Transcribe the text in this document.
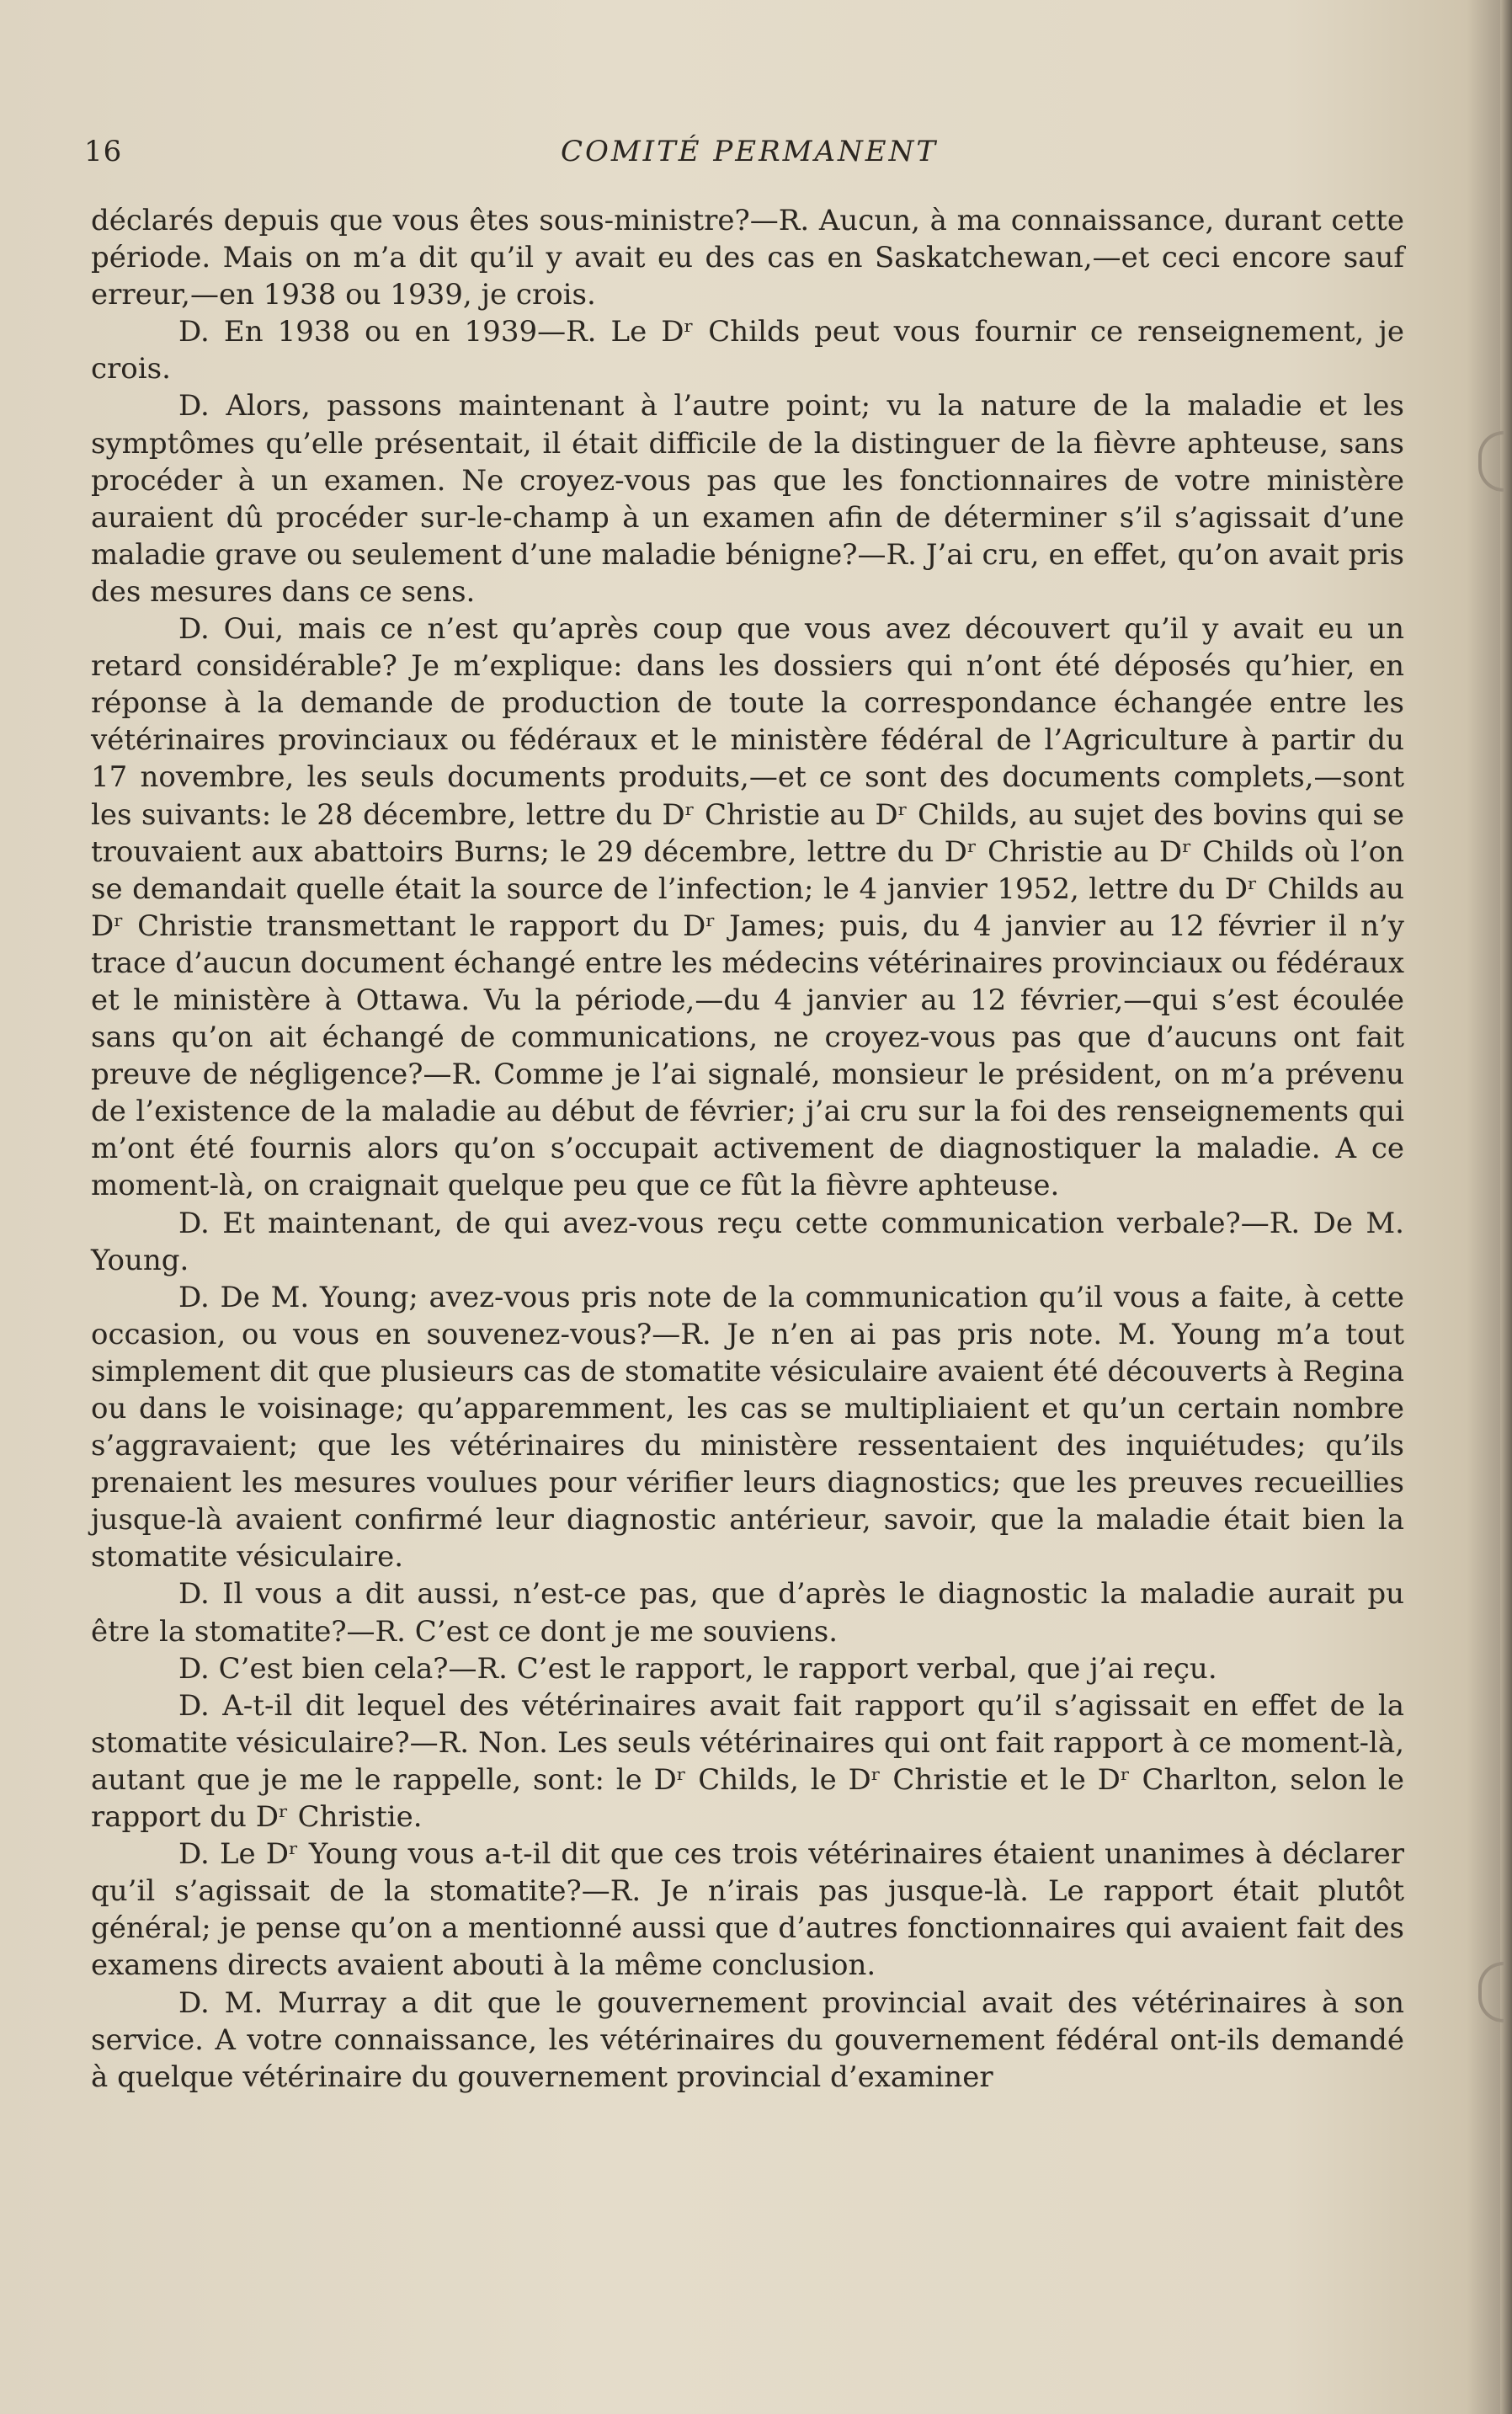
16	COMITÉ PERMANENT

déclarés depuis que vous êtes sous-ministre?—R. Aucun, à ma connaissance, durant cette période. Mais on m’a dit qu’il y avait eu des cas en Saskatchewan,—et ceci encore sauf erreur,—en 1938 ou 1939, je crois.

D. En 1938 ou en 1939—R. Le Dʳ Childs peut vous fournir ce renseignement, je crois.

D. Alors, passons maintenant à l’autre point; vu la nature de la maladie et les symptômes qu’elle présentait, il était difficile de la distinguer de la fièvre aphteuse, sans procéder à un examen. Ne croyez-vous pas que les fonctionnaires de votre ministère auraient dû procéder sur-le-champ à un examen afin de déterminer s’il s’agissait d’une maladie grave ou seulement d’une maladie bénigne?—R. J’ai cru, en effet, qu’on avait pris des mesures dans ce sens.

D. Oui, mais ce n’est qu’après coup que vous avez découvert qu’il y avait eu un retard considérable? Je m’explique: dans les dossiers qui n’ont été déposés qu’hier, en réponse à la demande de production de toute la correspondance échangée entre les vétérinaires provinciaux ou fédéraux et le ministère fédéral de l’Agriculture à partir du 17 novembre, les seuls documents produits,—et ce sont des documents complets,—sont les suivants: le 28 décembre, lettre du Dʳ Christie au Dʳ Childs, au sujet des bovins qui se trouvaient aux abattoirs Burns; le 29 décembre, lettre du Dʳ Christie au Dʳ Childs où l’on se demandait quelle était la source de l’infection; le 4 janvier 1952, lettre du Dʳ Childs au Dʳ Christie transmettant le rapport du Dʳ James; puis, du 4 janvier au 12 février il n’y trace d’aucun document échangé entre les médecins vétérinaires provinciaux ou fédéraux et le ministère à Ottawa. Vu la période,—du 4 janvier au 12 février,—qui s’est écoulée sans qu’on ait échangé de communications, ne croyez-vous pas que d’aucuns ont fait preuve de négligence?—R. Comme je l’ai signalé, monsieur le président, on m’a prévenu de l’existence de la maladie au début de février; j’ai cru sur la foi des renseignements qui m’ont été fournis alors qu’on s’occupait activement de diagnostiquer la maladie. A ce moment-là, on craignait quelque peu que ce fût la fièvre aphteuse.

D. Et maintenant, de qui avez-vous reçu cette communication verbale?—R. De M. Young.

D. De M. Young; avez-vous pris note de la communication qu’il vous a faite, à cette occasion, ou vous en souvenez-vous?—R. Je n’en ai pas pris note. M. Young m’a tout simplement dit que plusieurs cas de stomatite vésiculaire avaient été découverts à Regina ou dans le voisinage; qu’apparemment, les cas se multipliaient et qu’un certain nombre s’aggravaient; que les vétérinaires du ministère ressentaient des inquiétudes; qu’ils prenaient les mesures voulues pour vérifier leurs diagnostics; que les preuves recueillies jusque-là avaient confirmé leur diagnostic antérieur, savoir, que la maladie était bien la stomatite vésiculaire.

D. Il vous a dit aussi, n’est-ce pas, que d’après le diagnostic la maladie aurait pu être la stomatite?—R. C’est ce dont je me souviens.

D. C’est bien cela?—R. C’est le rapport, le rapport verbal, que j’ai reçu.

D. A-t-il dit lequel des vétérinaires avait fait rapport qu’il s’agissait en effet de la stomatite vésiculaire?—R. Non. Les seuls vétérinaires qui ont fait rapport à ce moment-là, autant que je me le rappelle, sont: le Dʳ Childs, le Dʳ Christie et le Dʳ Charlton, selon le rapport du Dʳ Christie.

D. Le Dʳ Young vous a-t-il dit que ces trois vétérinaires étaient unanimes à déclarer qu’il s’agissait de la stomatite?—R. Je n’irais pas jusque-là. Le rapport était plutôt général; je pense qu’on a mentionné aussi que d’autres fonctionnaires qui avaient fait des examens directs avaient abouti à la même conclusion.

D. M. Murray a dit que le gouvernement provincial avait des vétérinaires à son service. A votre connaissance, les vétérinaires du gouvernement fédéral ont-ils demandé à quelque vétérinaire du gouvernement provincial d’examiner
